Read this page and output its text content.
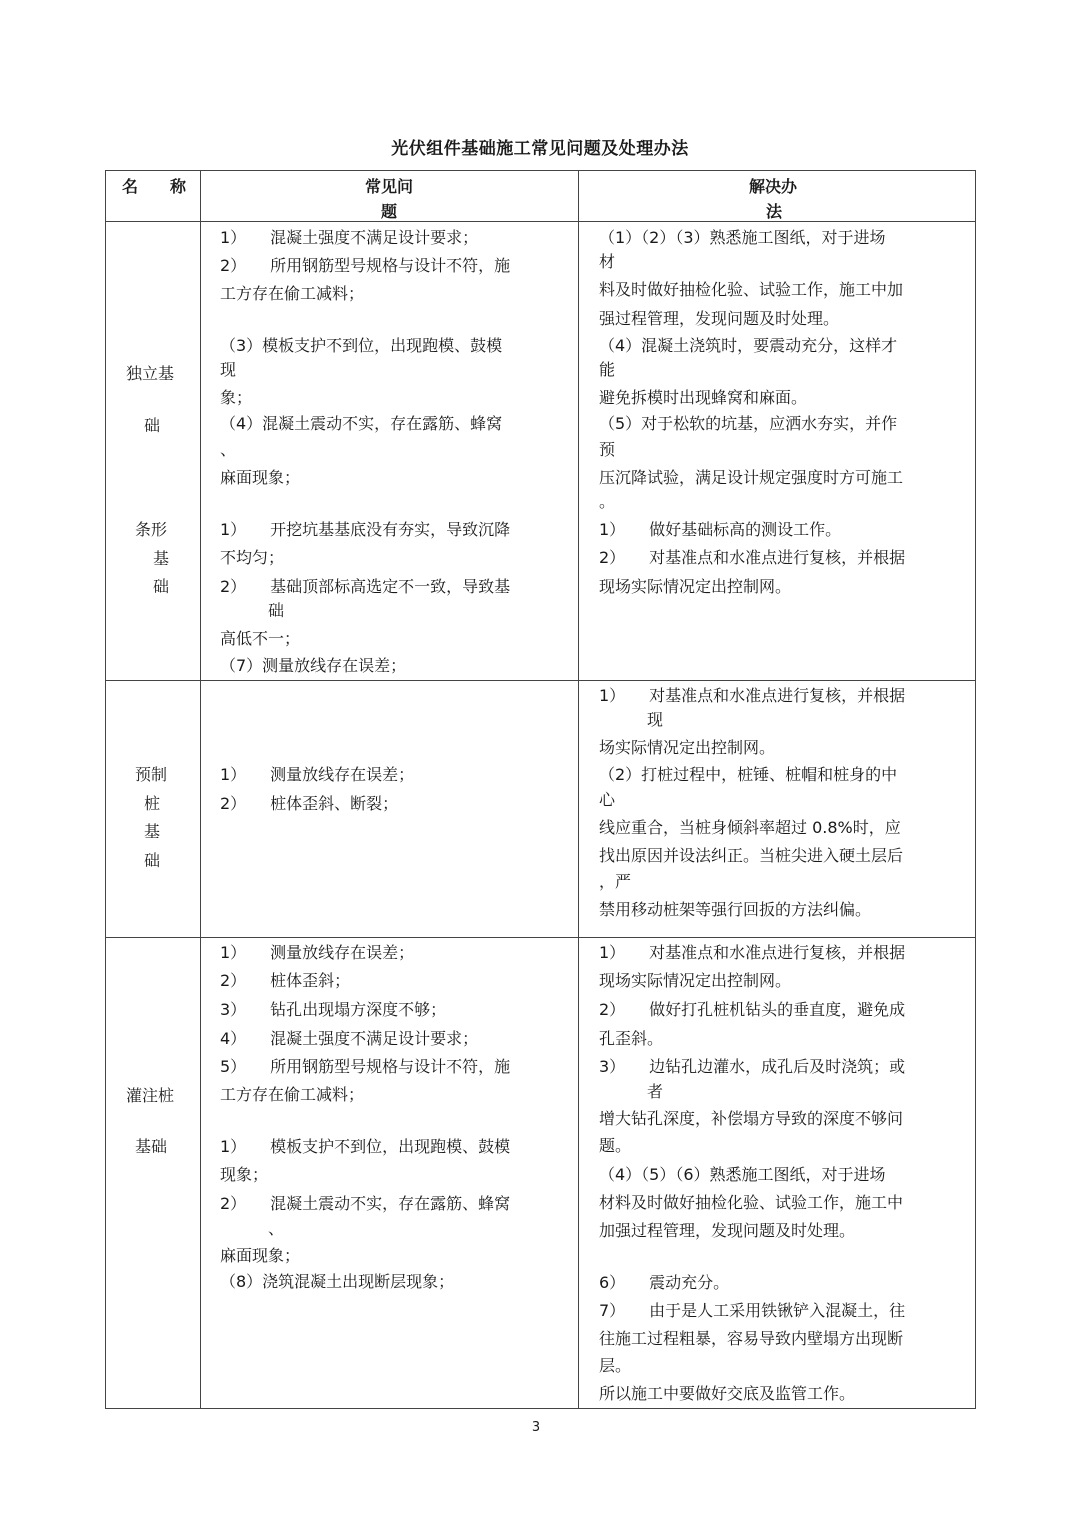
光伏组件基础施工常见问题及处理办法
名 称	常见问
题
解决办
法
独立基
础
条形
基
础
1）　　混凝土强度不满足设计要求；
2）　　所用钢筋型号规格与设计不符，施
工方存在偷工减料；
（3）模板支护不到位，出现跑模、鼓模
现
象；
（4）混凝土震动不实，存在露筋、蜂窝
、
麻面现象；
1）　　开挖坑基基底没有夯实，导致沉降
不均匀；
2）　　基础顶部标高选定不一致，导致基
础
高低不一；
（7）测量放线存在误差；
（1）（2）（3）熟悉施工图纸，对于进场
材
料及时做好抽检化验、试验工作，施工中加
强过程管理，发现问题及时处理。
（4）混凝土浇筑时，要震动充分，这样才
能
避免拆模时出现蜂窝和麻面。
（5）对于松软的坑基，应洒水夯实，并作
预
压沉降试验，满足设计规定强度时方可施工
。
1）　　做好基础标高的测设工作。
2）　　对基准点和水准点进行复核，并根据
现场实际情况定出控制网。
预制
桩
基
础
1）　　测量放线存在误差；
2）　　桩体歪斜、断裂；
1）　　对基准点和水准点进行复核，并根据
现
场实际情况定出控制网。
（2）打桩过程中，桩锤、桩帽和桩身的中
心
线应重合，当桩身倾斜率超过 0.8%时，应
找出原因并设法纠正。当桩尖进入硬土层后
，严
禁用移动桩架等强行回扳的方法纠偏。
灌注桩
基础
1）　　测量放线存在误差；
2）　　桩体歪斜；
3）　　钻孔出现塌方深度不够；
4）　　混凝土强度不满足设计要求；
5）　　所用钢筋型号规格与设计不符，施
工方存在偷工减料；
1）　　模板支护不到位，出现跑模、鼓模
现象；
2）　　混凝土震动不实，存在露筋、蜂窝
、
麻面现象；
（8）浇筑混凝土出现断层现象；
1）　　对基准点和水准点进行复核，并根据
现场实际情况定出控制网。
2）　　做好打孔桩机钻头的垂直度，避免成
孔歪斜。
3）　　边钻孔边灌水，成孔后及时浇筑；或
者
增大钻孔深度，补偿塌方导致的深度不够问
题。
（4）（5）（6）熟悉施工图纸，对于进场
材料及时做好抽检化验、试验工作，施工中
加强过程管理，发现问题及时处理。
6）　　震动充分。
7）　　由于是人工采用铁锹铲入混凝土，往
往施工过程粗暴，容易导致内壁塌方出现断
层。
所以施工中要做好交底及监管工作。
3
